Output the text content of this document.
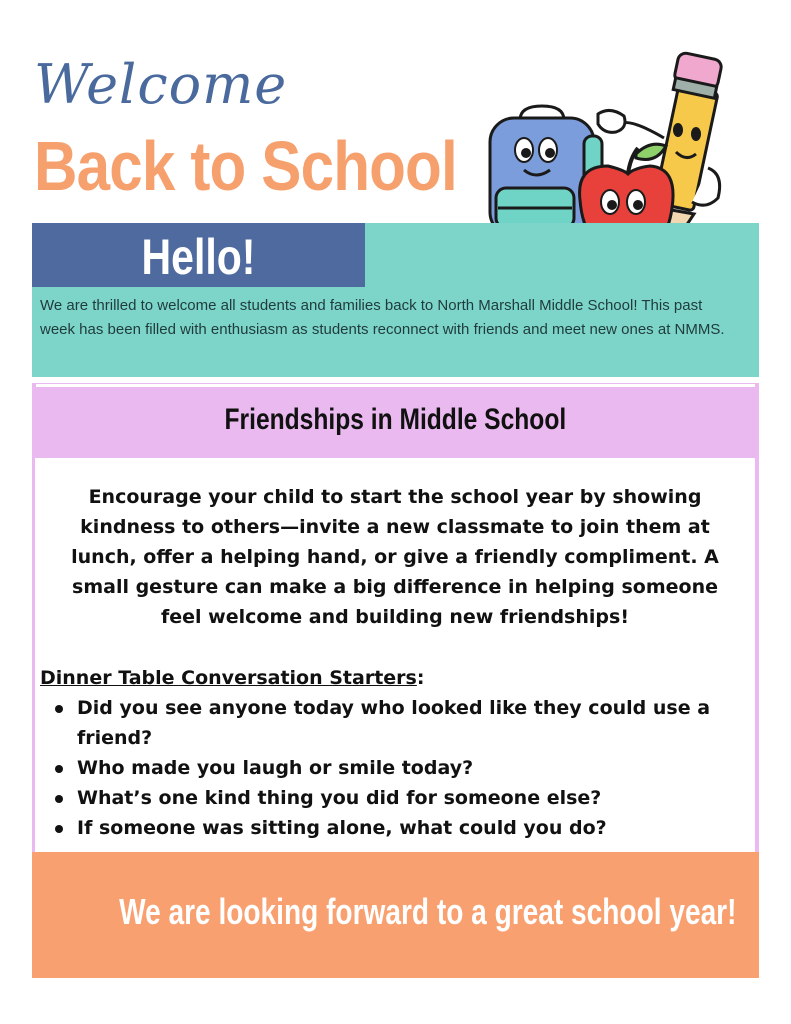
Welcome
Back to School
Hello!
We are thrilled to welcome all students and families back to North Marshall Middle School! This past week has been filled with enthusiasm as students reconnect with friends and meet new ones at NMMS.
Friendships in Middle School
Encourage your child to start the school year by showing kindness to others—invite a new classmate to join them at lunch, offer a helping hand, or give a friendly compliment. A small gesture can make a big difference in helping someone feel welcome and building new friendships!
Dinner Table Conversation Starters:
Did you see anyone today who looked like they could use a friend?
Who made you laugh or smile today?
What’s one kind thing you did for someone else?
If someone was sitting alone, what could you do?
We are looking forward to a great school year!
